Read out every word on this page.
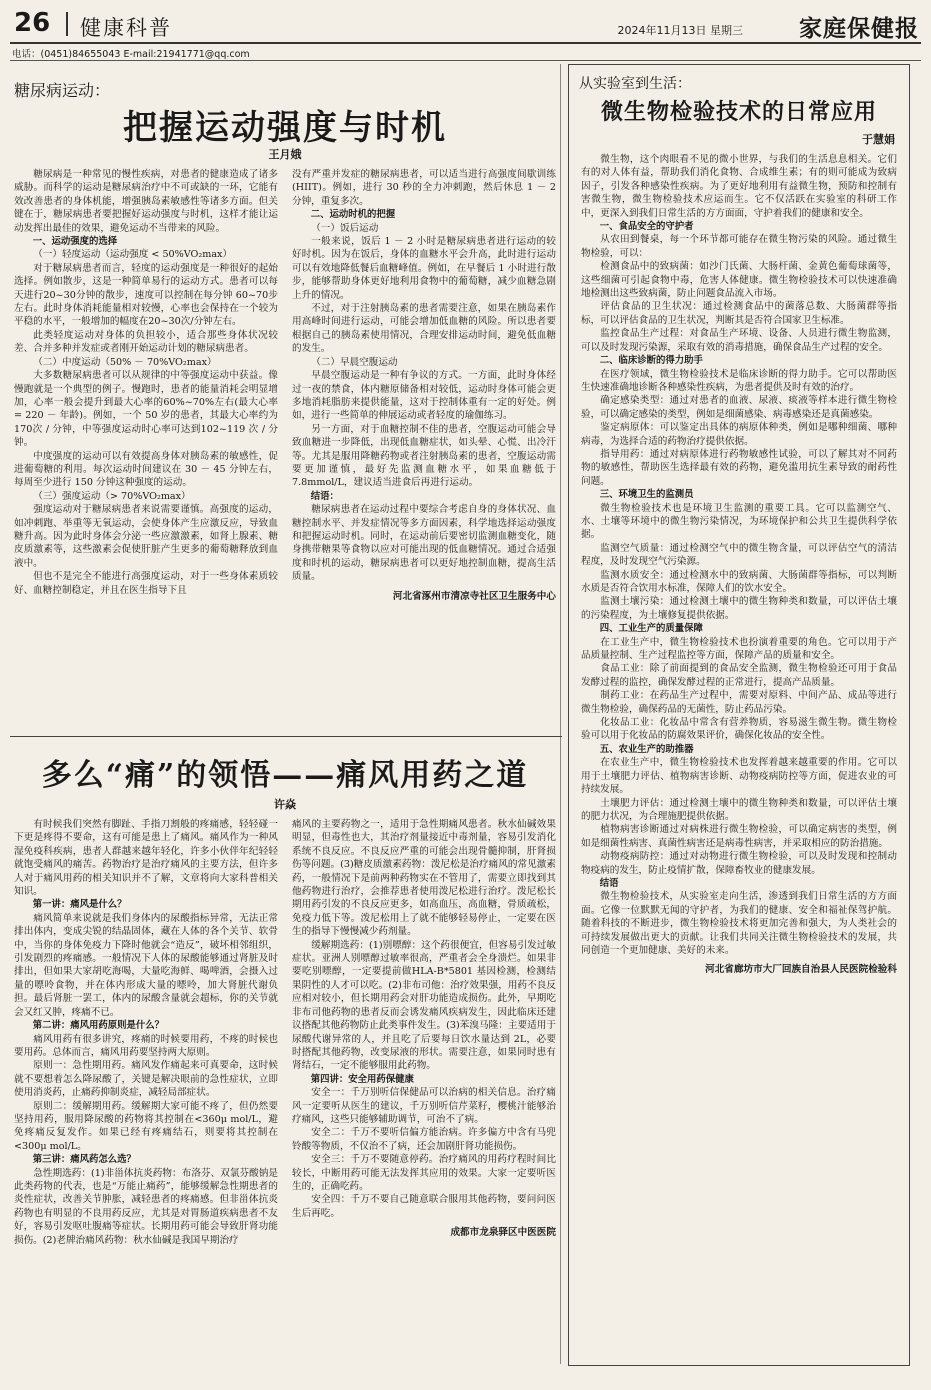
26 健康科普	2024年11月13日 星期三 家庭保健报
电话：(0451)84655043 E-mail:21941771@qq.com
糖尿病运动：
把握运动强度与时机
王月娥

糖尿病是一种常见的慢性疾病，对患者的健康造成了诸多威胁。而科学的运动是糖尿病治疗中不可或缺的一环，它能有效改善患者的身体机能，增强胰岛素敏感性等诸多方面。但关键在于，糖尿病患者要把握好运动强度与时机，这样才能让运动发挥出最佳的效果，避免运动不当带来的风险。

一、运动强度的选择

（一）轻度运动（运动强度 < 50%VO₂max）

对于糖尿病患者而言，轻度的运动强度是一种很好的起始选择。例如散步，这是一种简单易行的运动方式。患者可以每天进行20~30分钟的散步，速度可以控制在每分钟 60~70步左右。此时身体消耗能量相对较慢，心率也会保持在一个较为平稳的水平，一般增加的幅度在20~30次/分钟左右。

此类轻度运动对身体的负担较小，适合那些身体状况较差、合并多种并发症或者刚开始运动计划的糖尿病患者。

（二）中度运动（50% － 70%VO₂max）

大多数糖尿病患者可以从规律的中等强度运动中获益。像慢跑就是一个典型的例子。慢跑时，患者的能量消耗会明显增加，心率一般会提升到最大心率的60%~70%左右(最大心率 = 220 － 年龄)。例如，一个 50 岁的患者，其最大心率约为170次 / 分钟，中等强度运动时心率可达到102~119 次 / 分钟。

中度强度的运动可以有效提高身体对胰岛素的敏感性，促进葡萄糖的利用。每次运动时间建议在 30 － 45 分钟左右，每周至少进行 150 分钟这种强度的运动。

（三）强度运动（> 70%VO₂max）

强度运动对于糖尿病患者来说需要谨慎。高强度的运动，如冲刺跑、举重等无氧运动，会使身体产生应激反应，导致血糖升高。因为此时身体会分泌一些应激激素，如肾上腺素、糖皮质激素等，这些激素会促使肝脏产生更多的葡萄糖释放到血液中。

但也不是完全不能进行高强度运动，对于一些身体素质较好、血糖控制稳定，并且在医生指导下且

没有严重并发症的糖尿病患者，可以适当进行高强度间歇训练(HIIT)。例如，进行 30 秒的全力冲刺跑，然后休息 1 － 2 分钟，重复多次。

二、运动时机的把握

（一）饭后运动

一般来说，饭后 1 － 2 小时是糖尿病患者进行运动的较好时机。因为在饭后，身体的血糖水平会升高，此时进行运动可以有效地降低餐后血糖峰值。例如，在早餐后 1 小时进行散步，能够帮助身体更好地利用食物中的葡萄糖，减少血糖急剧上升的情况。

不过，对于注射胰岛素的患者需要注意，如果在胰岛素作用高峰时间进行运动，可能会增加低血糖的风险。所以患者要根据自己的胰岛素使用情况，合理安排运动时间，避免低血糖的发生。

（二）早晨空腹运动

早晨空腹运动是一种有争议的方式。一方面，此时身体经过一夜的禁食，体内糖原储备相对较低，运动时身体可能会更多地消耗脂肪来提供能量，这对于控制体重有一定的好处。例如，进行一些简单的伸展运动或者轻度的瑜伽练习。

另一方面，对于血糖控制不佳的患者，空腹运动可能会导致血糖进一步降低，出现低血糖症状，如头晕、心慌、出冷汗等。尤其是服用降糖药物或者注射胰岛素的患者，空腹运动需要更加谨慎，最好先监测血糖水平，如果血糖低于 7.8mmol/L，建议适当进食后再进行运动。

结语：

糖尿病患者在运动过程中要综合考虑自身的身体状况、血糖控制水平、并发症情况等多方面因素，科学地选择运动强度和把握运动时机。同时，在运动前后要密切监测血糖变化，随身携带糖果等食物以应对可能出现的低血糖情况。通过合适强度和时机的运动，糖尿病患者可以更好地控制血糖，提高生活质量。

河北省涿州市清凉寺社区卫生服务中心

多么“痛”的领悟——痛风用药之道
许焱

有时候我们突然有脚趾、手指刀割般的疼痛感，轻轻碰一下更是疼得不要命，这有可能是患上了痛风。痛风作为一种风湿免疫科疾病，患者人群越来越年轻化，许多小伙伴年纪轻轻就饱受痛风的痛苦。药物治疗是治疗痛风的主要方法，但许多人对于痛风用药的相关知识并不了解，文章将向大家科普相关知识。

第一讲：痛风是什么？

痛风简单来说就是我们身体内的尿酸指标异常，无法正常排出体内，变成尖锐的结晶固体，藏在人体的各个关节、软骨中，当你的身体免疫力下降时他就会“造反”，破坏相邻组织，引发剧烈的疼痛感。一般情况下人体的尿酸能够通过肾脏及时排出，但如果大家胡吃海喝，大量吃海鲜、喝啤酒，会摄入过量的嘌呤食物，并在体内形成大量的嘌呤，加大肾脏代谢负担。最后肾脏一罢工，体内的尿酸含量就会超标，你的关节就会又红又肿，疼痛不已。

第二讲：痛风用药原则是什么？

痛风用药有很多讲究，疼痛的时候要用药，不疼的时候也要用药。总体而言，痛风用药要坚持两大原则。

原则一：急性期用药。痛风发作痛起来可真要命，这时候就不要想着怎么降尿酸了，关键是解决眼前的急性症状，立即使用消炎药，止痛药抑制炎症，减轻局部症状。

原则二：缓解期用药。缓解期大家可能不疼了，但仍然要坚持用药，服用降尿酸的药物将其控制在<360μ mol/L，避免疼痛反复发作。如果已经有疼痛结石，则要将其控制在<300μ mol/L。

第三讲：痛风药怎么选？

急性期选药：(1)非甾体抗炎药物：布洛芬、双氯芬酸钠是此类药物的代表，也是“万能止痛药”，能够缓解急性期患者的炎性症状，改善关节肿胀，减轻患者的疼痛感。但非甾体抗炎药物也有明显的不良用药反应，尤其是对胃肠道疾病患者不友好，容易引发呕吐腹痛等症状。长期用药可能会导致肝肾功能损伤。(2)老牌治痛风药物：秋水仙碱是我国早期治疗

痛风的主要药物之一，适用于急性期痛风患者。秋水仙碱效果明显，但毒性也大，其治疗剂量接近中毒剂量，容易引发消化系统不良反应。不良反应严重的可能会出现骨髓抑制，肝肾损伤等问题。(3)糖皮质激素药物：泼尼松是治疗痛风的常见激素药，一般情况下是前两种药物实在不管用了，需要立即找到其他药物进行治疗，会推荐患者使用泼尼松进行治疗。泼尼松长期用药引发的不良反应更多，如高血压，高血糖，骨质疏松，免疫力低下等。泼尼松用上了就不能够轻易停止，一定要在医生的指导下慢慢减少药剂量。

缓解期选药：(1)别嘌醇：这个药很便宜，但容易引发过敏症状。亚洲人别嘌醇过敏率很高，严重者会全身溃烂。如果非要吃别嘌醇，一定要提前做HLA-B*5801 基因检测，检测结果阴性的人才可以吃。(2)非布司他：治疗效果强，用药不良反应相对较小，但长期用药会对肝功能造成损伤。此外，早期吃非布司他药物的患者反而会诱发痛风疾病发生，因此临床还建议搭配其他药物防止此类事件发生。(3)苯溴马隆：主要适用于尿酸代谢异常的人，并且吃了后要每日饮水量达到 2L，必要时搭配其他药物，改变尿液的形状。需要注意，如果同时患有肾结石，一定不能够服用此药物。

第四讲：安全用药保健康

安全一：千万别听信保健品可以治病的相关信息。治疗痛风一定要听从医生的建议，千万别听信芹菜籽，樱桃汁能够治疗痛风，这些只能够辅助调节，可治不了病。

安全二：千万不要听信偏方能治病。许多偏方中含有马兜铃酸等物质，不仅治不了病，还会加剧肝肾功能损伤。

安全三：千万不要随意停药。治疗痛风的用药疗程时间比较长，中断用药可能无法发挥其应用的效果。大家一定要听医生的，正确吃药。

安全四：千万不要自己随意联合服用其他药物，要问问医生后再吃。

成都市龙泉驿区中医医院

从实验室到生活：
微生物检验技术的日常应用
于慧娟

微生物，这个肉眼看不见的微小世界，与我们的生活息息相关。它们有的对人体有益，帮助我们消化食物、合成维生素；有的则可能成为致病因子，引发各种感染性疾病。为了更好地利用有益微生物，预防和控制有害微生物，微生物检验技术应运而生。它不仅活跃在实验室的科研工作中，更深入到我们日常生活的方方面面，守护着我们的健康和安全。

一、食品安全的守护者

从农田到餐桌，每一个环节都可能存在微生物污染的风险。通过微生物检验，可以：

检测食品中的致病菌：如沙门氏菌、大肠杆菌、金黄色葡萄球菌等，这些细菌可引起食物中毒，危害人体健康。微生物检验技术可以快速准确地检测出这些致病菌，防止问题食品流入市场。

评估食品的卫生状况：通过检测食品中的菌落总数、大肠菌群等指标，可以评估食品的卫生状况，判断其是否符合国家卫生标准。

监控食品生产过程：对食品生产环境、设备、人员进行微生物监测，可以及时发现污染源，采取有效的消毒措施，确保食品生产过程的安全。

二、临床诊断的得力助手

在医疗领域，微生物检验技术是临床诊断的得力助手。它可以帮助医生快速准确地诊断各种感染性疾病，为患者提供及时有效的治疗。

确定感染类型：通过对患者的血液、尿液、痰液等样本进行微生物检验，可以确定感染的类型，例如是细菌感染、病毒感染还是真菌感染。

鉴定病原体：可以鉴定出具体的病原体种类，例如是哪种细菌、哪种病毒，为选择合适的药物治疗提供依据。

指导用药：通过对病原体进行药物敏感性试验，可以了解其对不同药物的敏感性，帮助医生选择最有效的药物，避免滥用抗生素导致的耐药性问题。

三、环境卫生的监测员

微生物检验技术也是环境卫生监测的重要工具。它可以监测空气、水、土壤等环境中的微生物污染情况，为环境保护和公共卫生提供科学依据。

监测空气质量：通过检测空气中的微生物含量，可以评估空气的清洁程度，及时发现空气污染源。

监测水质安全：通过检测水中的致病菌、大肠菌群等指标，可以判断水质是否符合饮用水标准，保障人们的饮水安全。

监测土壤污染：通过检测土壤中的微生物种类和数量，可以评估土壤的污染程度，为土壤修复提供依据。

四、工业生产的质量保障

在工业生产中，微生物检验技术也扮演着重要的角色。它可以用于产品质量控制、生产过程监控等方面，保障产品的质量和安全。

食品工业：除了前面提到的食品安全监测，微生物检验还可用于食品发酵过程的监控，确保发酵过程的正常进行，提高产品质量。

制药工业：在药品生产过程中，需要对原料、中间产品、成品等进行微生物检验，确保药品的无菌性，防止药品污染。

化妆品工业：化妆品中常含有营养物质，容易滋生微生物。微生物检验可以用于化妆品的防腐效果评价，确保化妆品的安全性。

五、农业生产的助推器

在农业生产中，微生物检验技术也发挥着越来越重要的作用。它可以用于土壤肥力评估、植物病害诊断、动物疫病防控等方面，促进农业的可持续发展。

土壤肥力评估：通过检测土壤中的微生物种类和数量，可以评估土壤的肥力状况，为合理施肥提供依据。

植物病害诊断通过对病株进行微生物检验，可以确定病害的类型，例如是细菌性病害、真菌性病害还是病毒性病害，并采取相应的防治措施。

动物疫病防控：通过对动物进行微生物检验，可以及时发现和控制动物疫病的发生，防止疫情扩散，保障畜牧业的健康发展。

结语

微生物检验技术，从实验室走向生活，渗透到我们日常生活的方方面面。它像一位默默无闻的守护者，为我们的健康、安全和福祉保驾护航。随着科技的不断进步，微生物检验技术将更加完善和强大，为人类社会的可持续发展做出更大的贡献。让我们共同关注微生物检验技术的发展，共同创造一个更加健康、美好的未来。

河北省廊坊市大厂回族自治县人民医院检验科
